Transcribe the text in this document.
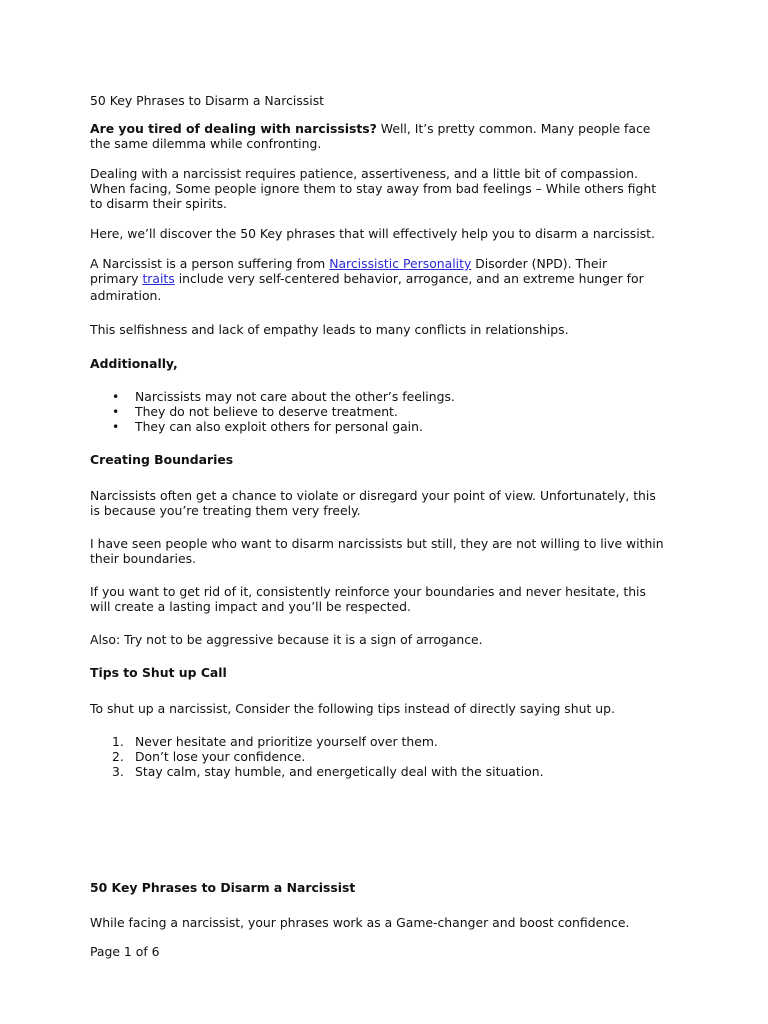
50 Key Phrases to Disarm a Narcissist

Are you tired of dealing with narcissists? Well, It’s pretty common. Many people face
the same dilemma while confronting.

Dealing with a narcissist requires patience, assertiveness, and a little bit of compassion.
When facing, Some people ignore them to stay away from bad feelings – While others fight
to disarm their spirits.

Here, we’ll discover the 50 Key phrases that will effectively help you to disarm a narcissist.

A Narcissist is a person suffering from Narcissistic Personality Disorder (NPD). Their
primary traits include very self-centered behavior, arrogance, and an extreme hunger for
admiration.

This selfishness and lack of empathy leads to many conflicts in relationships.

Additionally,

• Narcissists may not care about the other’s feelings.
• They do not believe to deserve treatment.
• They can also exploit others for personal gain.

Creating Boundaries

Narcissists often get a chance to violate or disregard your point of view. Unfortunately, this
is because you’re treating them very freely.

I have seen people who want to disarm narcissists but still, they are not willing to live within
their boundaries.

If you want to get rid of it, consistently reinforce your boundaries and never hesitate, this
will create a lasting impact and you’ll be respected.

Also: Try not to be aggressive because it is a sign of arrogance.

Tips to Shut up Call

To shut up a narcissist, Consider the following tips instead of directly saying shut up.

1. Never hesitate and prioritize yourself over them.
2. Don’t lose your confidence.
3. Stay calm, stay humble, and energetically deal with the situation.

50 Key Phrases to Disarm a Narcissist

While facing a narcissist, your phrases work as a Game-changer and boost confidence.

Page 1 of 6
